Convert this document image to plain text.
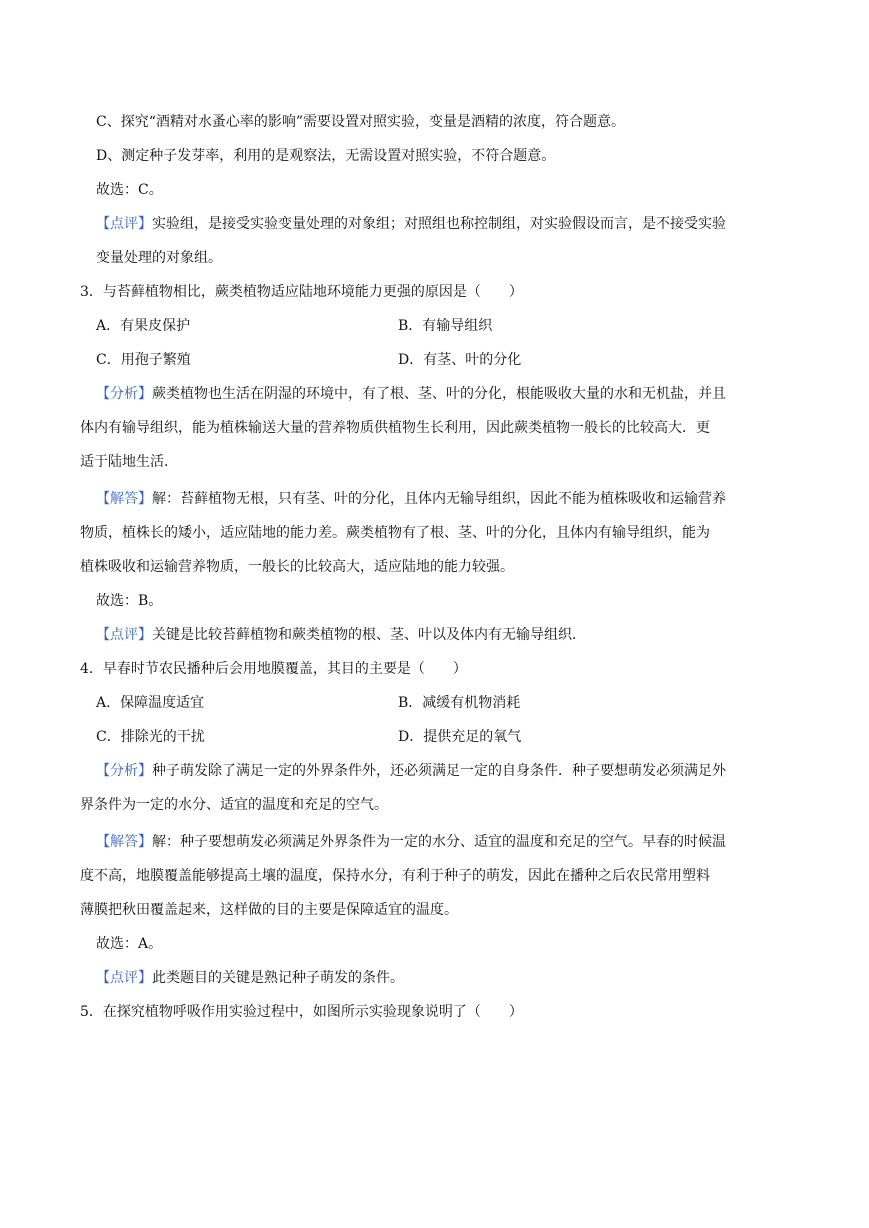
C、探究“酒精对水蚤心率的影响”需要设置对照实验，变量是酒精的浓度，符合题意。
D、测定种子发芽率，利用的是观察法，无需设置对照实验，不符合题意。
故选：C。
【点评】实验组，是接受实验变量处理的对象组；对照组也称控制组，对实验假设而言，是不接受实验
变量处理的对象组。
3．与苔藓植物相比，蕨类植物适应陆地环境能力更强的原因是（　　）
A．有果皮保护	B．有输导组织
C．用孢子繁殖	D．有茎、叶的分化
【分析】蕨类植物也生活在阴湿的环境中，有了根、茎、叶的分化，根能吸收大量的水和无机盐，并且
体内有输导组织，能为植株输送大量的营养物质供植物生长利用，因此蕨类植物一般长的比较高大．更
适于陆地生活．
【解答】解：苔藓植物无根，只有茎、叶的分化，且体内无输导组织，因此不能为植株吸收和运输营养
物质，植株长的矮小，适应陆地的能力差。蕨类植物有了根、茎、叶的分化，且体内有输导组织，能为
植株吸收和运输营养物质，一般长的比较高大，适应陆地的能力较强。
故选：B。
【点评】关键是比较苔藓植物和蕨类植物的根、茎、叶以及体内有无输导组织．
4．早春时节农民播种后会用地膜覆盖，其目的主要是（　　）
A．保障温度适宜	B．减缓有机物消耗
C．排除光的干扰	D．提供充足的氧气
【分析】种子萌发除了满足一定的外界条件外，还必须满足一定的自身条件．种子要想萌发必须满足外
界条件为一定的水分、适宜的温度和充足的空气。
【解答】解：种子要想萌发必须满足外界条件为一定的水分、适宜的温度和充足的空气。早春的时候温
度不高，地膜覆盖能够提高土壤的温度，保持水分，有利于种子的萌发，因此在播种之后农民常用塑料
薄膜把秋田覆盖起来，这样做的目的主要是保障适宜的温度。
故选：A。
【点评】此类题目的关键是熟记种子萌发的条件。
5．在探究植物呼吸作用实验过程中，如图所示实验现象说明了（　　）
